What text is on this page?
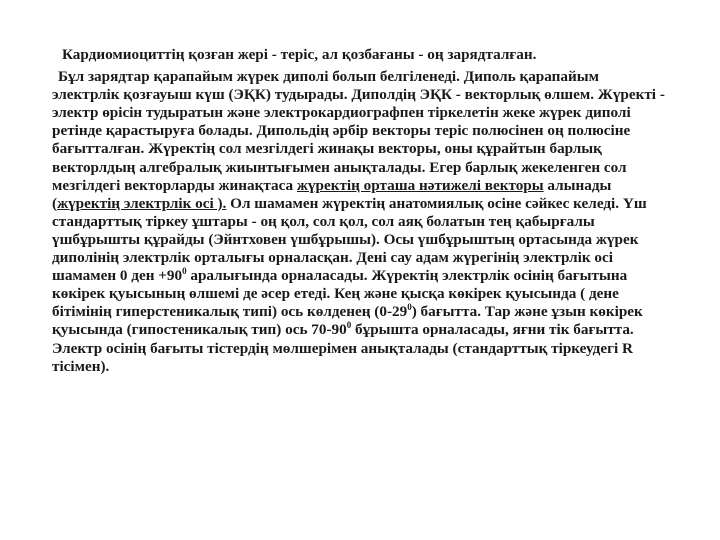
Кардиомиоциттің қозған жері - теріс, ал қозбағаны - оң зарядталған.

Бұл зарядтар қарапайым жүрек диполі болып белгіленеді. Диполь қарапайым электрлік қозғауыш күш (ЭҚК) тудырады. Диполдің ЭҚК - векторлық өлшем. Жүректі - электр өрісін тудыратын және электрокардиографпен тіркелетін жеке жүрек диполі ретінде қарастыруға болады. Дипольдің әрбір векторы теріс полюсінен оң полюсіне бағытталған. Жүректің сол мезгілдегі жинақы векторы, оны құрайтын барлық векторлдың алгебралық жиынтығымен анықталады. Егер барлық жекеленген сол мезгілдегі векторларды жинақтаса жүректің орташа нәтижелі векторы алынады (жүректің электрлік осі ). Ол шамамен жүректің анатомиялық осіне сәйкес келеді. Үш стандарттық тіркеу ұштары - оң қол, сол қол, сол аяқ болатын тең қабырғалы үшбұрышты құрайды (Эйнтховен үшбұрышы). Осы үшбұрыштың ортасында жүрек диполінің электрлік орталығы орналасқан. Дені сау адам жүрегінің электрлік осі шамамен 0 ден $+90^0$ аралығында орналасады. Жүректің электрлік осінің бағытына көкірек қуысының өлшемі де әсер етеді. Кең және қысқа көкірек қуысында ( дене бітімінің гиперстеникалық типі) ось көлденең $(0-29^0)$ бағытта. Тар және ұзын көкірек қуысында (гипостеникалық тип) ось $70-90^0$ бұрышта орналасады, яғни тік бағытта. Электр осінің бағыты тістердің мөлшерімен анықталады (стандарттық тіркеудегі R тісімен).
